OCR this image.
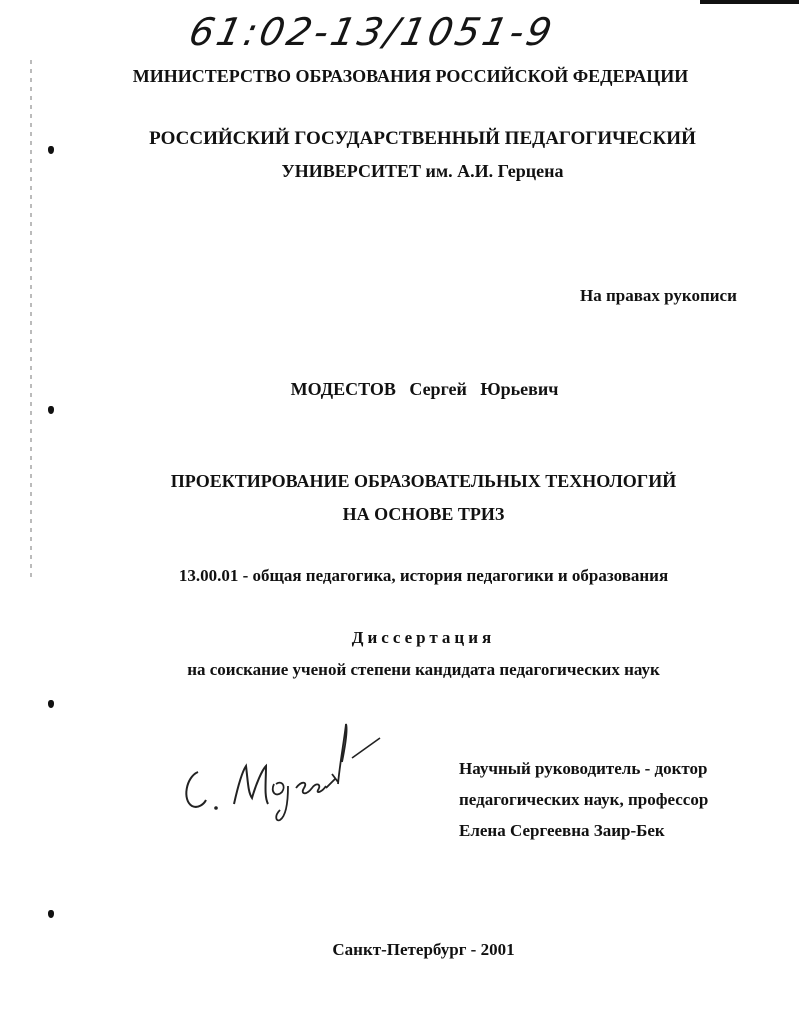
61:02-13/1051-9
МИНИСТЕРСТВО ОБРАЗОВАНИЯ РОССИЙСКОЙ ФЕДЕРАЦИИ
РОССИЙСКИЙ ГОСУДАРСТВЕННЫЙ ПЕДАГОГИЧЕСКИЙ
УНИВЕРСИТЕТ им. А.И. Герцена
На правах рукописи
МОДЕСТОВ   Сергей   Юрьевич
ПРОЕКТИРОВАНИЕ ОБРАЗОВАТЕЛЬНЫХ ТЕХНОЛОГИЙ
НА ОСНОВЕ ТРИЗ
13.00.01 - общая педагогика, история педагогики и образования
Диссертация
на соискание ученой степени кандидата педагогических наук
Научный руководитель - доктор
педагогических наук, профессор
Елена Сергеевна Заир-Бек
Санкт-Петербург - 2001
